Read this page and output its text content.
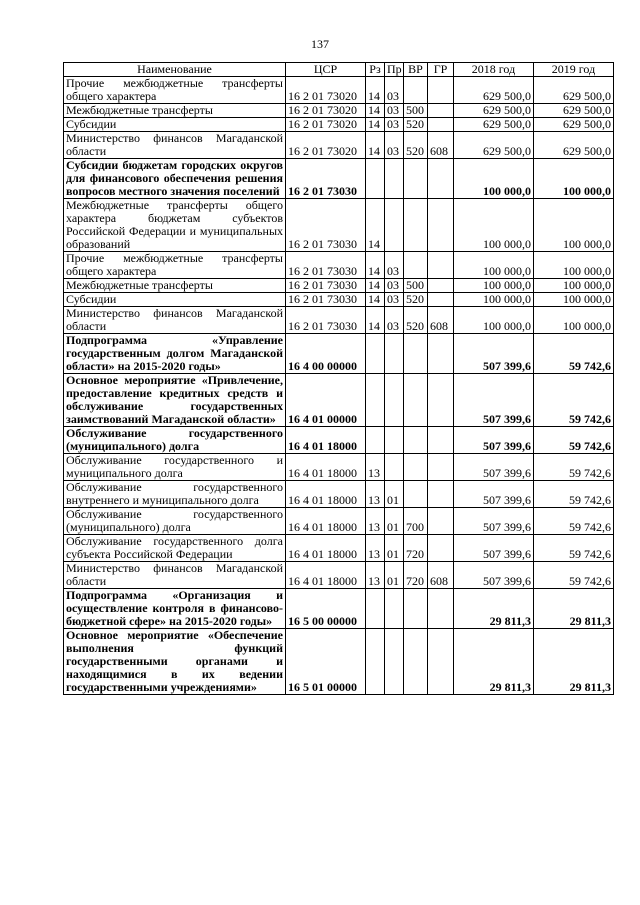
137
Наименование	ЦСР	Рз	Пр	ВР	ГР	2018 год	2019 год
Прочие межбюджетные трансферты общего характера	16 2 01 73020	14	03			629 500,0	629 500,0
Межбюджетные трансферты	16 2 01 73020	14	03	500		629 500,0	629 500,0
Субсидии	16 2 01 73020	14	03	520		629 500,0	629 500,0
Министерство финансов Магаданской области	16 2 01 73020	14	03	520	608	629 500,0	629 500,0
Субсидии бюджетам городских округов для финансового обеспечения решения вопросов местного значения поселений	16 2 01 73030					100 000,0	100 000,0
Межбюджетные трансферты общего характера бюджетам субъектов Российской Федерации и муниципальных образований	16 2 01 73030	14				100 000,0	100 000,0
Прочие межбюджетные трансферты общего характера	16 2 01 73030	14	03			100 000,0	100 000,0
Межбюджетные трансферты	16 2 01 73030	14	03	500		100 000,0	100 000,0
Субсидии	16 2 01 73030	14	03	520		100 000,0	100 000,0
Министерство финансов Магаданской области	16 2 01 73030	14	03	520	608	100 000,0	100 000,0
Подпрограмма «Управление государственным долгом Магаданской области» на 2015-2020 годы»	16 4 00 00000					507 399,6	59 742,6
Основное мероприятие «Привлечение, предоставление кредитных средств и обслуживание государственных заимствований Магаданской области»	16 4 01 00000					507 399,6	59 742,6
Обслуживание государственного (муниципального) долга	16 4 01 18000					507 399,6	59 742,6
Обслуживание государственного и муниципального долга	16 4 01 18000	13				507 399,6	59 742,6
Обслуживание государственного внутреннего и муниципального долга	16 4 01 18000	13	01			507 399,6	59 742,6
Обслуживание государственного (муниципального) долга	16 4 01 18000	13	01	700		507 399,6	59 742,6
Обслуживание государственного долга субъекта Российской Федерации	16 4 01 18000	13	01	720		507 399,6	59 742,6
Министерство финансов Магаданской области	16 4 01 18000	13	01	720	608	507 399,6	59 742,6
Подпрограмма «Организация и осуществление контроля в финансово-бюджетной сфере» на 2015-2020 годы»	16 5 00 00000					29 811,3	29 811,3
Основное мероприятие «Обеспечение выполнения функций государственными органами и находящимися в их ведении государственными учреждениями»	16 5 01 00000					29 811,3	29 811,3
